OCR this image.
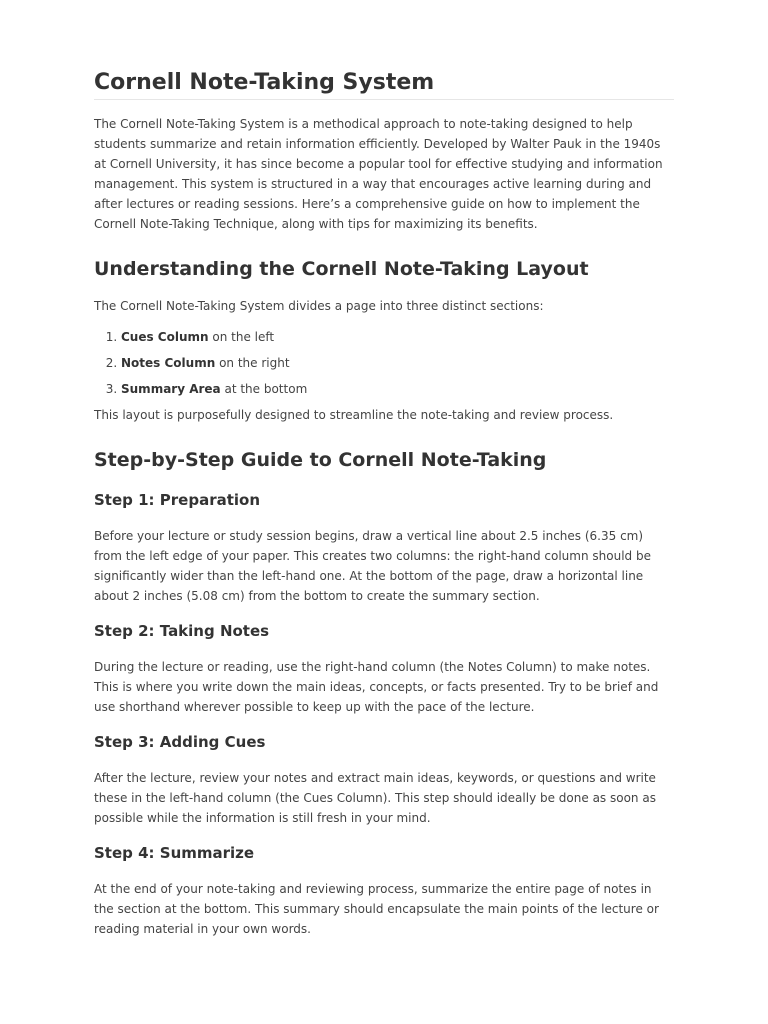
Cornell Note-Taking System

The Cornell Note-Taking System is a methodical approach to note-taking designed to help students summarize and retain information efficiently. Developed by Walter Pauk in the 1940s at Cornell University, it has since become a popular tool for effective studying and information management. This system is structured in a way that encourages active learning during and after lectures or reading sessions. Here’s a comprehensive guide on how to implement the Cornell Note-Taking Technique, along with tips for maximizing its benefits.

Understanding the Cornell Note-Taking Layout

The Cornell Note-Taking System divides a page into three distinct sections:

1. Cues Column on the left
2. Notes Column on the right
3. Summary Area at the bottom

This layout is purposefully designed to streamline the note-taking and review process.

Step-by-Step Guide to Cornell Note-Taking
Step 1: Preparation

Before your lecture or study session begins, draw a vertical line about 2.5 inches (6.35 cm) from the left edge of your paper. This creates two columns: the right-hand column should be significantly wider than the left-hand one. At the bottom of the page, draw a horizontal line about 2 inches (5.08 cm) from the bottom to create the summary section.

Step 2: Taking Notes

During the lecture or reading, use the right-hand column (the Notes Column) to make notes. This is where you write down the main ideas, concepts, or facts presented. Try to be brief and use shorthand wherever possible to keep up with the pace of the lecture.

Step 3: Adding Cues

After the lecture, review your notes and extract main ideas, keywords, or questions and write these in the left-hand column (the Cues Column). This step should ideally be done as soon as possible while the information is still fresh in your mind.

Step 4: Summarize

At the end of your note-taking and reviewing process, summarize the entire page of notes in the section at the bottom. This summary should encapsulate the main points of the lecture or reading material in your own words.
